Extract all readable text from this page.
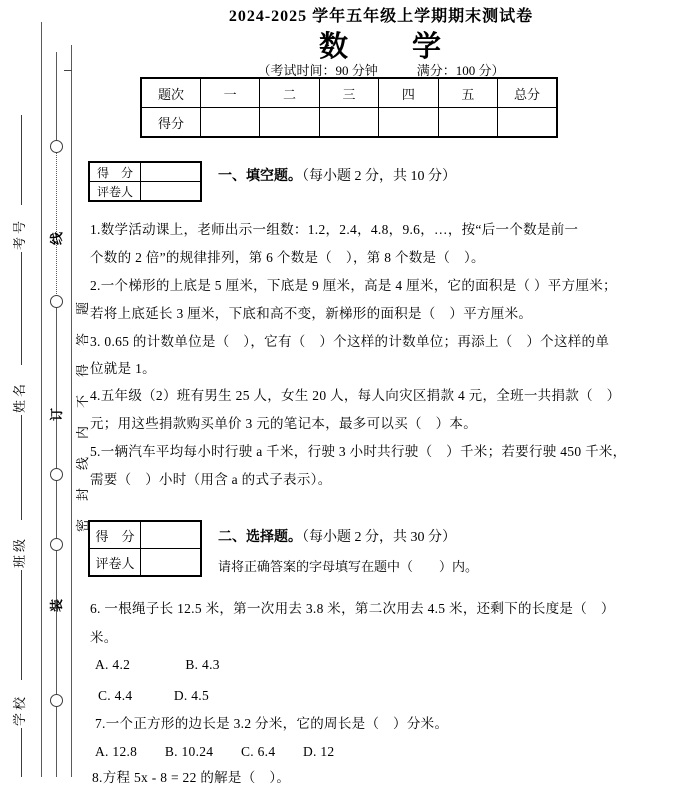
考号
姓名
班级
学校
线
订
装
密封线内不得答题
2024-2025 学年五年级上学期期末测试卷
数　　学
（考试时间：90 分钟　　　满分：100 分）
题次	一	二	三	四	五	总分
得分						
得　分
评卷人
一、填空题。（每小题 2 分，共 10 分）
1.数学活动课上，老师出示一组数：1.2，2.4，4.8，9.6，…，按“后一个数是前一
个数的 2 倍”的规律排列，第 6 个数是（　），第 8 个数是（　）。
2.一个梯形的上底是 5 厘米，下底是 9 厘米，高是 4 厘米，它的面积是（ ）平方厘米；
若将上底延长 3 厘米，下底和高不变，新梯形的面积是（　）平方厘米。
3. 0.65 的计数单位是（　），它有（　）个这样的计数单位；再添上（　）个这样的单
位就是 1。
4.五年级（2）班有男生 25 人，女生 20 人，每人向灾区捐款 4 元，全班一共捐款（　）
元；用这些捐款购买单价 3 元的笔记本，最多可以买（　）本。
5.一辆汽车平均每小时行驶 a 千米，行驶 3 小时共行驶（　）千米；若要行驶 450 千米，
需要（　）小时（用含 a 的式子表示）。
得　分
评卷人
二、选择题。（每小题 2 分，共 30 分）
请将正确答案的字母填写在题中（　　）内。
6. 一根绳子长 12.5 米，第一次用去 3.8 米，第二次用去 4.5 米，还剩下的长度是（　）
米。
A. 4.2　　　　B. 4.3
C. 4.4　　　D. 4.5
7.一个正方形的边长是 3.2 分米，它的周长是（　）分米。
A. 12.8　　B. 10.24　　C. 6.4　　D. 12
8.方程 5x - 8 = 22 的解是（　）。
